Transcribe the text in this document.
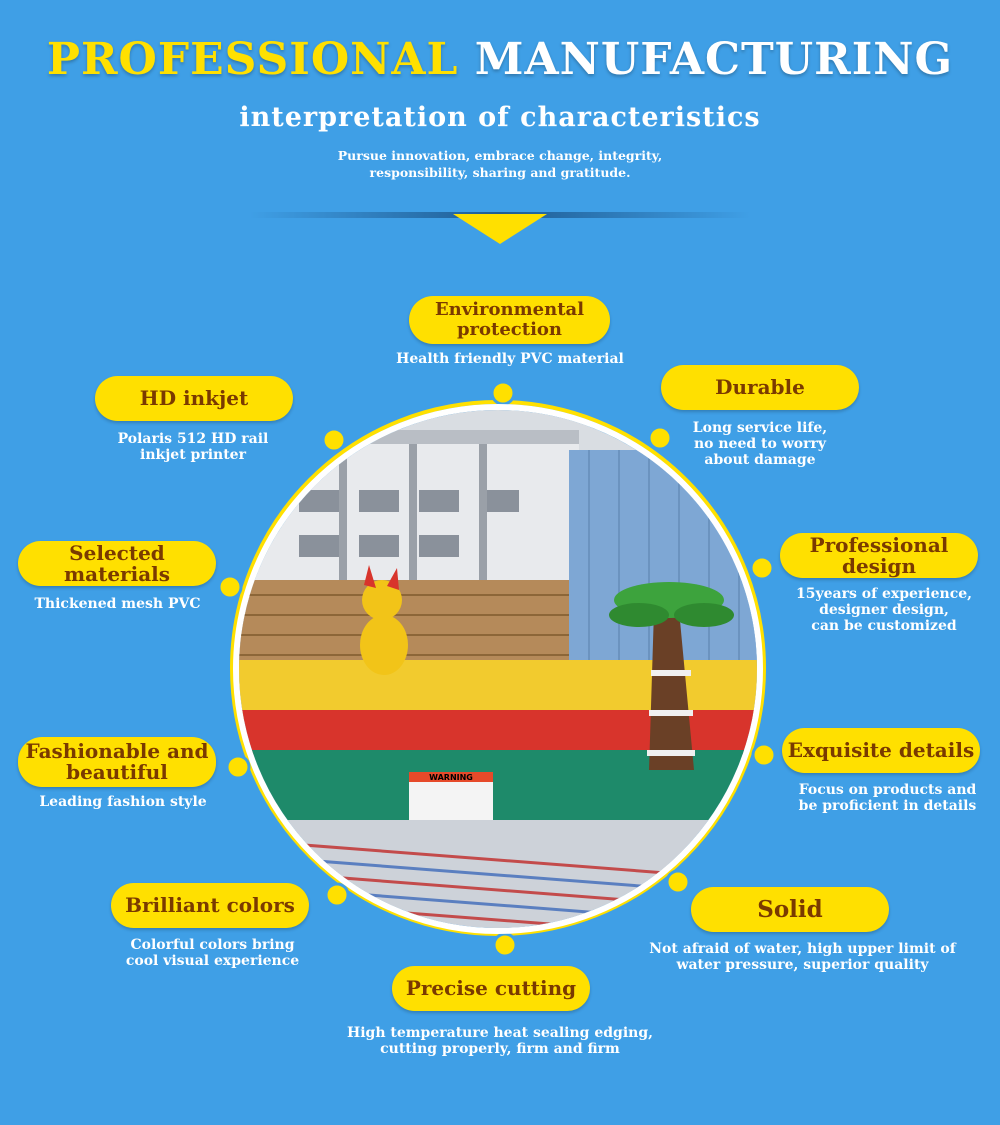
PROFESSIONAL MANUFACTURING
interpretation of characteristics
Pursue innovation, embrace change, integrity,
responsibility, sharing and gratitude.
WARNING
Environmental
protection
Health friendly PVC material
HD inkjet
Polaris 512 HD rail
inkjet printer
Durable
Long service life,
no need to worry
about damage
Selected
materials
Thickened mesh PVC
Professional
design
15years of experience,
designer design,
can be customized
Fashionable and
beautiful
Leading fashion style
Exquisite details
Focus on products and
be proficient in details
Brilliant colors
Colorful colors bring
cool visual experience
Solid
Not afraid of water, high upper limit of
water pressure, superior quality
Precise cutting
High temperature heat sealing edging,
cutting properly, firm and firm
